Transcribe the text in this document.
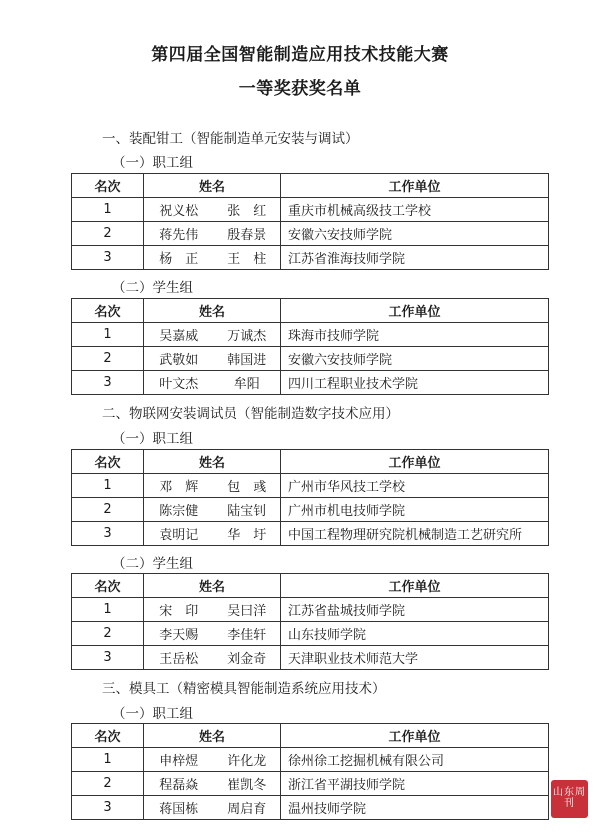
第四届全国智能制造应用技术技能大赛
一等奖获奖名单
一、装配钳工（智能制造单元安装与调试）
（一）职工组
名次	姓名		工作单位
1	祝义松	张　红	重庆市机械高级技工学校
2	蒋先伟	殷春景	安徽六安技师学院
3	杨　正	王　柱	江苏省淮海技师学院
（二）学生组
名次	姓名		工作单位
1	吴嘉威	万诚杰	珠海市技师学院
2	武敬如	韩国进	安徽六安技师学院
3	叶文杰	牟阳	四川工程职业技术学院
二、物联网安装调试员（智能制造数字技术应用）
（一）职工组
名次	姓名		工作单位
1	邓　辉	包　彧	广州市华风技工学校
2	陈宗健	陆宝钊	广州市机电技师学院
3	袁明记	华　圩	中国工程物理研究院机械制造工艺研究所
（二）学生组
名次	姓名		工作单位
1	宋　印	吴曰洋	江苏省盐城技师学院
2	李天赐	李佳轩	山东技师学院
3	王岳松	刘金奇	天津职业技术师范大学
三、模具工（精密模具智能制造系统应用技术）
（一）职工组
名次	姓名		工作单位
1	申梓煜	许化龙	徐州徐工挖掘机械有限公司
2	程磊焱	崔凯冬	浙江省平湖技师学院
3	蒋国栋	周启育	温州技师学院
山东周刊
